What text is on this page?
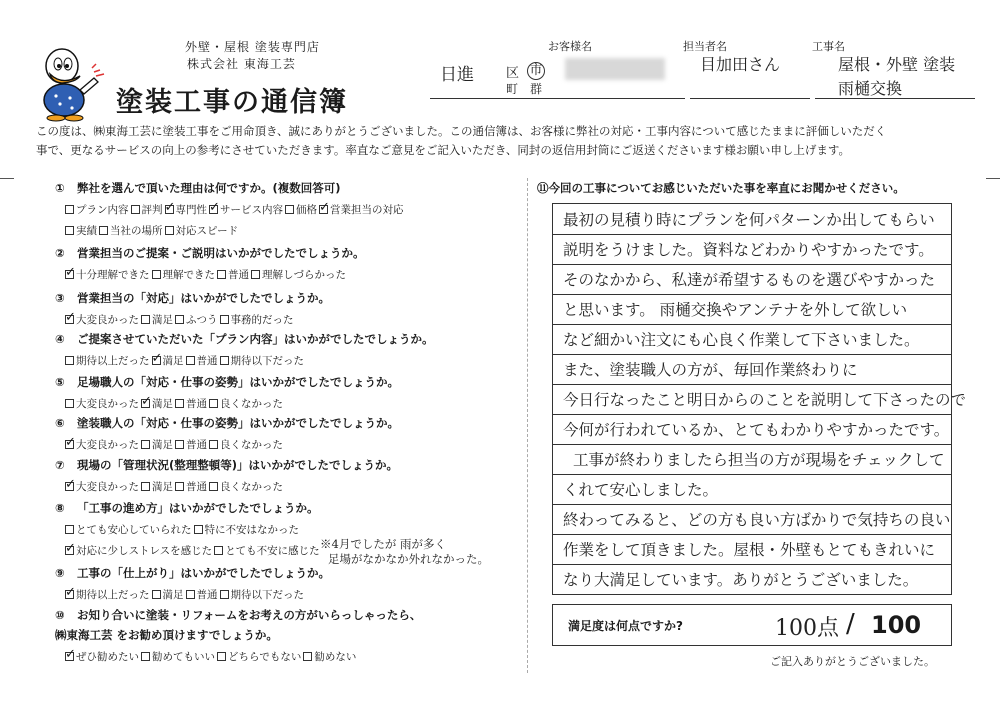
外壁・屋根 塗装専門店
株式会社 東海工芸
塗装工事の通信簿
お客様名	担当者名	工事名
日進 区 市
町 群
目加田さん	屋根・外壁 塗装
雨樋交換
この度は、㈱東海工芸に塗装工事をご用命頂き、誠にありがとうございました。この通信簿は、お客様に弊社の対応・工事内容について感じたままに評価しいただく
事で、更なるサービスの向上の参考にさせていただきます。率直なご意見をご記入いただき、同封の返信用封筒にご返送くださいます様お願い申し上げます。
① 弊社を選んで頂いた理由は何ですか。(複数回答可)
プラン内容 評判 ✓ 専門性 ✓ サービス内容 価格 ✓ 営業担当の対応
実績 当社の場所 対応スピード
② 営業担当のご提案・ご説明はいかがでしたでしょうか。
✓
十分理解できた 理解できた 普通 理解しづらかった
③ 営業担当の「対応」はいかがでしたでしょうか。
✓
大変良かった 満足 ふつう 事務的だった
④ ご提案させていただいた「プラン内容」はいかがでしたでしょうか。
期待以上だった ✓ 満足 普通 期待以下だった
⑤ 足場職人の「対応・仕事の姿勢」はいかがでしたでしょうか。
大変良かった ✓ 満足 普通 良くなかった
⑥ 塗装職人の「対応・仕事の姿勢」はいかがでしたでしょうか。
✓
大変良かった 満足 普通 良くなかった
⑦ 現場の「管理状況(整理整頓等)」はいかがでしたでしょうか。
✓
大変良かった 満足 普通 良くなかった
⑧ 「工事の進め方」はいかがでしたでしょうか。
とても安心していられた 特に不安はなかった
✓
対応に少しストレスを感じた とても不安に感じた
⑨ 工事の「仕上がり」はいかがでしたでしょうか。
✓
期待以上だった 満足 普通 期待以下だった
⑩ お知り合いに塗装・リフォームをお考えの方がいらっしゃったら、
㈱東海工芸 をお勧め頂けますでしょうか。
✓
ぜひ勧めたい 勧めてもいい どちらでもない 勧めない
※4月でしたが 雨が多く
足場がなかなか外れなかった。
⑪今回の工事についてお感じいただいた事を率直にお聞かせください。
最初の見積り時にプランを何パターンか出してもらい
説明をうけました。資料などわかりやすかったです。
そのなかから、私達が希望するものを選びやすかった
と思います。 雨樋交換やアンテナを外して欲しい
など細かい注文にも心良く作業して下さいました。
また、塗装職人の方が、毎回作業終わりに
今日行なったこと明日からのことを説明して下さったので
今何が行われているか、とてもわかりやすかったです。
工事が終わりましたら担当の方が現場をチェックして
くれて安心しました。
終わってみると、どの方も良い方ばかりで気持ちの良い
作業をして頂きました。屋根・外壁もとてもきれいに
なり大満足しています。ありがとうございました。
満足度は何点ですか?	100点 / 100
ご記入ありがとうございました。
